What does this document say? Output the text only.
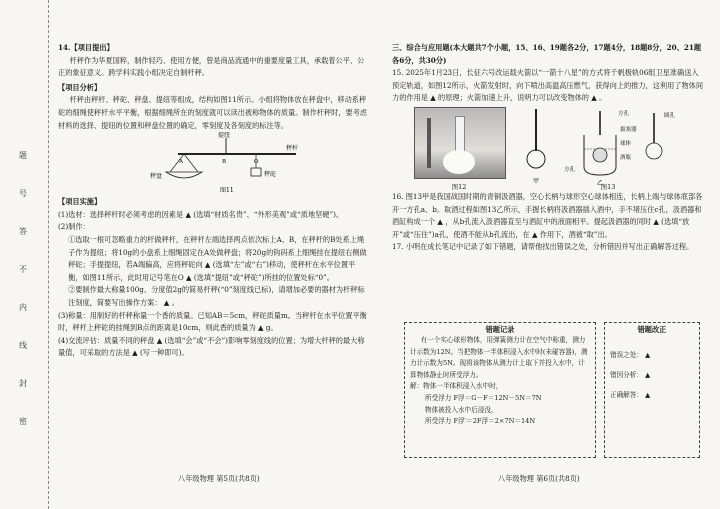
题
号
答
不
内
线
封
密

14.【项目提出】

杆秤作为华夏国粹，制作轻巧、使用方便，曾是商品流通中的重要度量工具，承载着公平、公正的象征意义。跨学科实践小组决定自制杆秤。

【项目分析】

杆秤由秤杆、秤砣、秤盘、提纽等组成，结构如图11所示。小组将物体放在秤盘中，移动系秤砣的细绳使秤杆水平平衡，根据细绳所在的刻度就可以读出被称物体的质量。制作杆秤时，要考虑材料的选择、提纽的位置和秤盘位置的确定，零刻度及各刻度的标注等。

提纽
秤杆
秤盘	秤砣
A	B	O
图11

【项目实施】

(1)选材：选择秤杆时必须考虑的因素是 ▲ (选填“材质名贵”、“外形美观”或“质地坚硬”)。

(2)制作：

①选取一根可忽略重力的杆做秤杆，在秤杆左端选择两点依次标上A、B，在秤杆的B处系上绳子作为提纽；将10g的小盘系上细绳固定在A处做秤盘；将20g的钩码系上细绳挂在提纽右侧做秤砣；手提提纽，若A端偏高，应将秤砣向 ▲ (选填“左”或“右”)移动，使秤杆在水平位置平衡，如图11所示，此时用记号笔在O ▲ (选填“提纽”或“秤砣”)所挂的位置处标“0”。

②要制作最大称量100g、分度值2g的简易杆秤(“0”刻度线已标)，请增加必要的器材为杆秤标注刻度，简要写出操作方案： ▲ 。

(3)称量：用制好的杆秤称量一个香的质量。已知AB＝5cm，秤砣质量m。当秤杆在水平位置平衡时，秤杆上秤砣的挂绳到B点的距离是10cm，则此香的质量为 ▲ g。

(4)交流评估：质量不同的秤盘 ▲ (选填“会”或“不会”)影响零刻度线的位置；为增大杆秤的最大称量值，可采取的方法是 ▲ (写一种即可)。

八年级物理 第5页(共8页)

三、综合与应用题(本大题共7个小题，15、16、19题各2分，17题4分，18题8分，20、21题各6分，共30分)

15. 2025年1月23日，长征六号改运载火箭以“一箭十八星”的方式将千帆极轨06组卫星准确送入预定轨道，如图12所示，火箭发射时，向下喷出高温高压燃气，获得向上的推力，这利用了物体间力的作用是 ▲ 的原理；火箭加速上升，说明力可以改变物体的 ▲ 。

图12
甲
方孔
拔塞器
球体
酒瓶
方孔
圆孔
乙
图13

16. 图13甲是我国战国时期的青铜汲酒器，空心长柄与球形空心球体相连，长柄上端与球体底部各开一方孔a、b。取酒过程如图13乙所示，手握长柄将汲酒器插入酒中，手不堵压住c孔，汲酒器和酒缸构成一个 ▲ ，从b孔流入汲酒器直至与酒缸中的液面相平。提起汲酒器的同时 ▲ (选填“放开”或“压住”)a孔，使酒不能从b孔流出，在 ▲ 作用下，酒被“取”出。

17. 小明在成长笔记中记录了如下错题，请帮他找出错误之处，分析错因并写出正确解答过程。

错题记录
有一个实心球形物体，用弹簧测力计在空气中称重，测力计示数为12N。当把物体一半体积浸入水中时(未碰容器)，测力计示数为5N。现将该物体从测力计上取下并投入水中，计算物体静止时所受浮力。
解：物体一半体积浸入水中时，
所受浮力 F浮＝G－F＝12N－5N＝7N
物体被投入水中后浸没，
所受浮力 F浮′＝2F浮＝2×7N＝14N
错题改正
错误之处： ▲
错因分析： ▲
正确解答： ▲
八年级物理 第6页(共8页)
